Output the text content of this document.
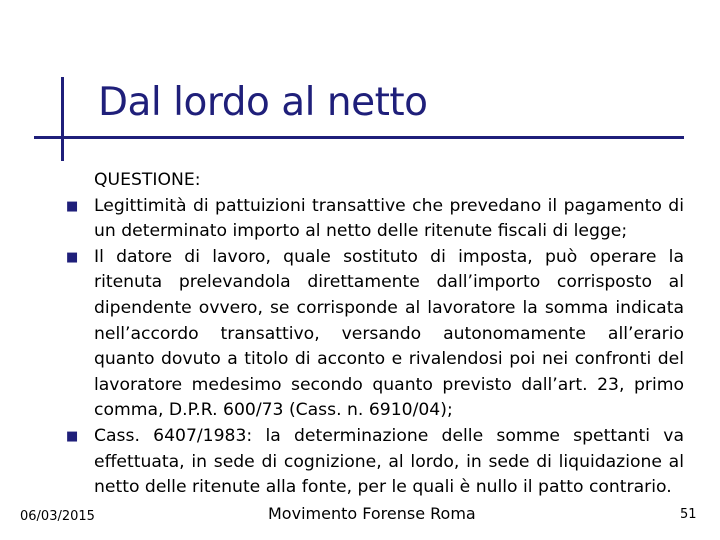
Dal lordo al netto
QUESTIONE:
■ Legittimità di pattuizioni transattive che prevedano il pagamento di un determinato importo al netto delle ritenute fiscali di legge;
■ Il datore di lavoro, quale sostituto di imposta, può operare la ritenuta prelevandola direttamente dall’importo corrisposto al dipendente ovvero, se corrisponde al lavoratore la somma indicata nell’accordo transattivo, versando autonomamente all’erario quanto dovuto a titolo di acconto e rivalendosi poi nei confronti del lavoratore medesimo secondo quanto previsto dall’art. 23, primo comma, D.P.R. 600/73 (Cass. n. 6910/04);
■ Cass. 6407/1983: la determinazione delle somme spettanti va effettuata, in sede di cognizione, al lordo, in sede di liquidazione al netto delle ritenute alla fonte, per le quali è nullo il patto contrario.
06/03/2015	Movimento Forense Roma	51
